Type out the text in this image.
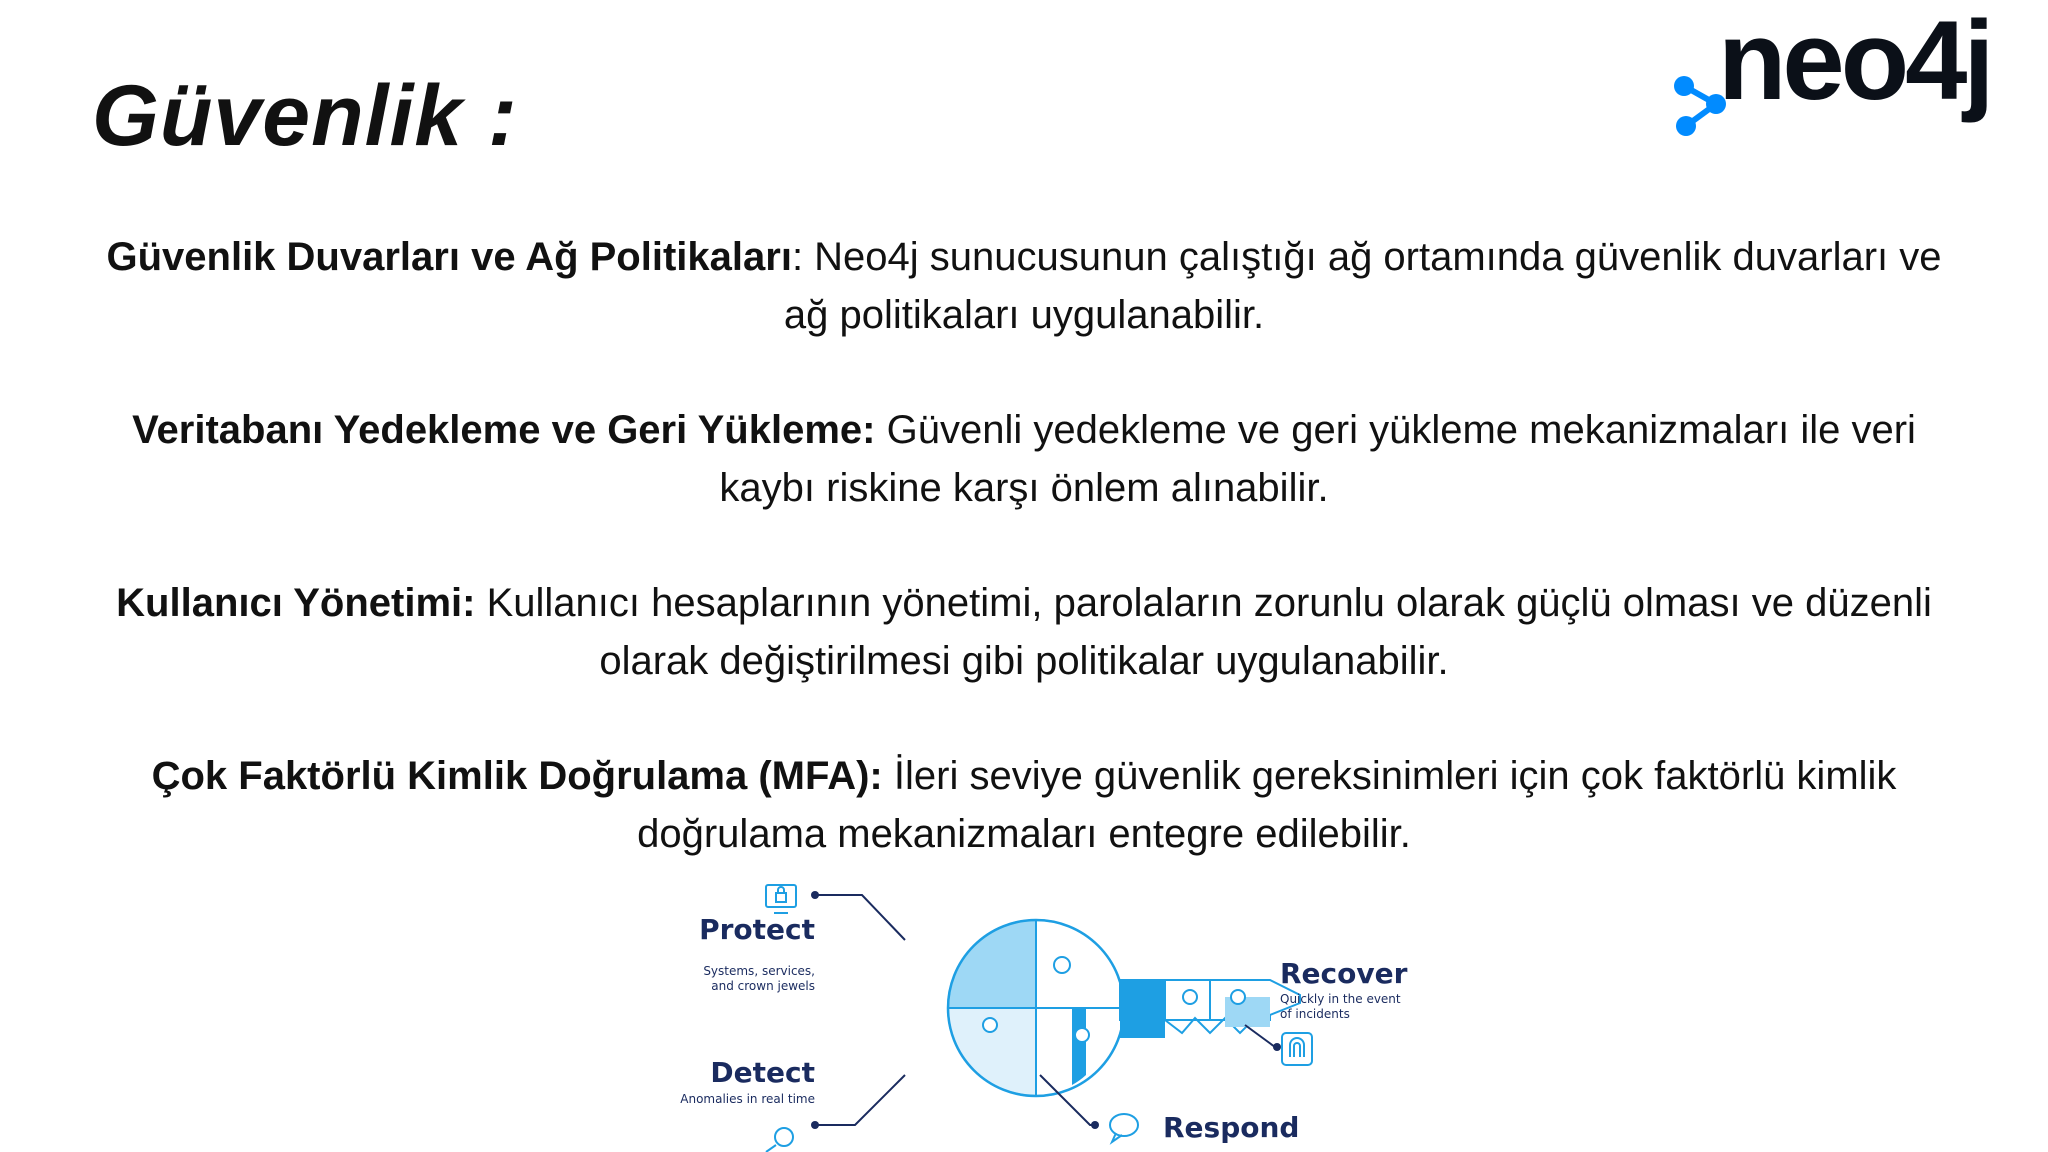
Güvenlik :	neo4j

Güvenlik Duvarları ve Ağ Politikaları: Neo4j sunucusunun çalıştığı ağ ortamında güvenlik duvarları ve ağ politikaları uygulanabilir.

Veritabanı Yedekleme ve Geri Yükleme: Güvenli yedekleme ve geri yükleme mekanizmaları ile veri kaybı riskine karşı önlem alınabilir.

Kullanıcı Yönetimi: Kullanıcı hesaplarının yönetimi, parolaların zorunlu olarak güçlü olması ve düzenli olarak değiştirilmesi gibi politikalar uygulanabilir.

Çok Faktörlü Kimlik Doğrulama (MFA): İleri seviye güvenlik gereksinimleri için çok faktörlü kimlik doğrulama mekanizmaları entegre edilebilir.

Protect
Systems, services,
and crown jewels
Detect
Anomalies in real time
Recover
Quickly in the event
of incidents
Respond
